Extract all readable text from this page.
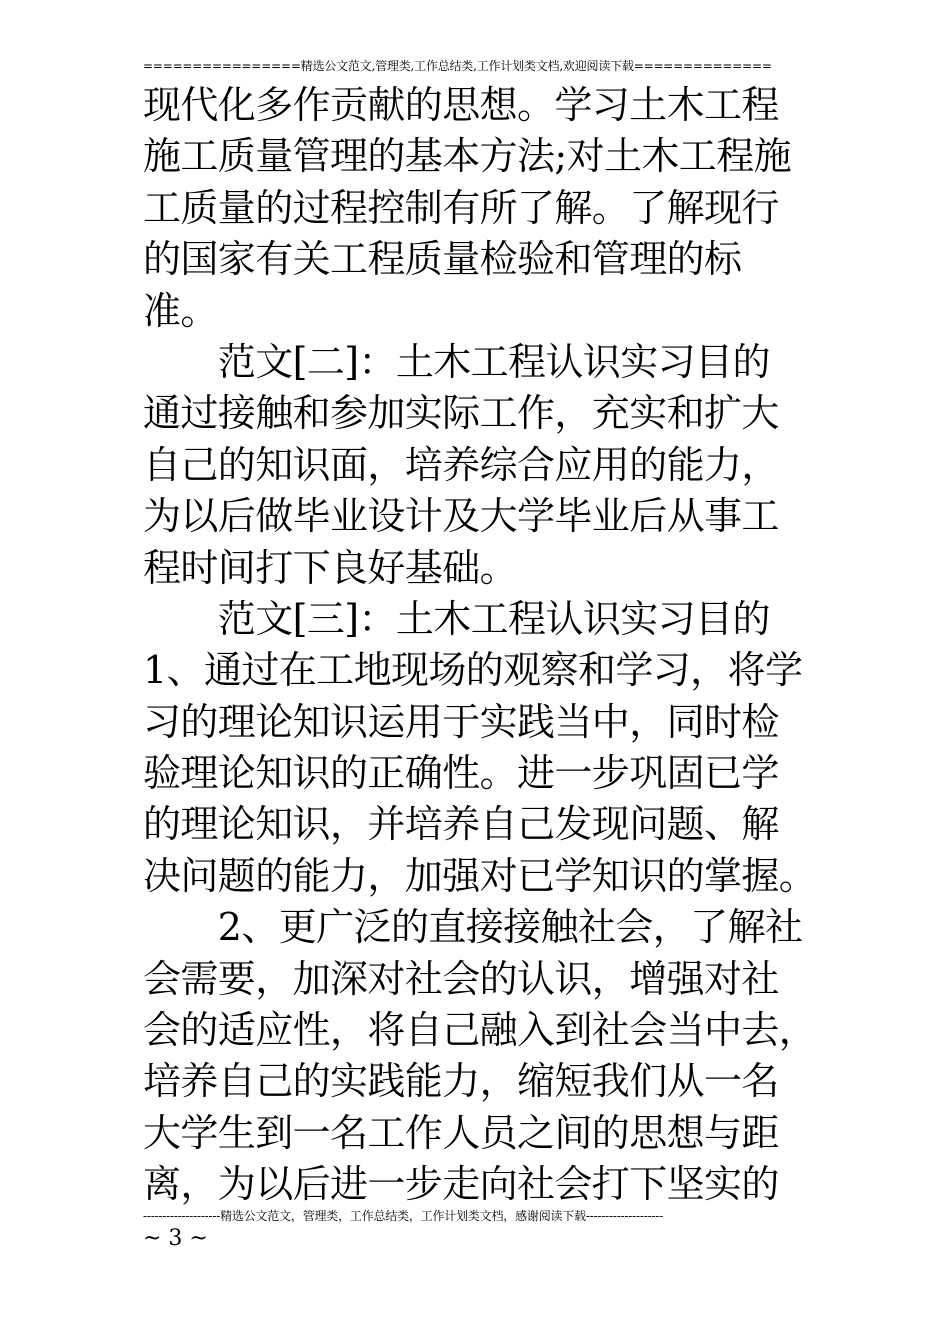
================精选公文范文,管理类,工作总结类,工作计划类文档,欢迎阅读下载==============
现代化多作贡献的思想。学习土木工程
施工质量管理的基本方法;对土木工程施
工质量的过程控制有所了解。了解现行
的国家有关工程质量检验和管理的标
准。
　　范文[二]：土木工程认识实习目的
通过接触和参加实际工作，充实和扩大
自己的知识面，培养综合应用的能力，
为以后做毕业设计及大学毕业后从事工
程时间打下良好基础。
　　范文[三]：土木工程认识实习目的
1、通过在工地现场的观察和学习，将学
习的理论知识运用于实践当中，同时检
验理论知识的正确性。进一步巩固已学
的理论知识，并培养自己发现问题、解
决问题的能力，加强对已学知识的掌握。
　　2、更广泛的直接接触社会，了解社
会需要，加深对社会的认识，增强对社
会的适应性，将自己融入到社会当中去，
培养自己的实践能力，缩短我们从一名
大学生到一名工作人员之间的思想与距
离，为以后进一步走向社会打下坚实的
--------------------精选公文范文，管理类，工作总结类，工作计划类文档，感谢阅读下载--------------------
~ 3 ~
